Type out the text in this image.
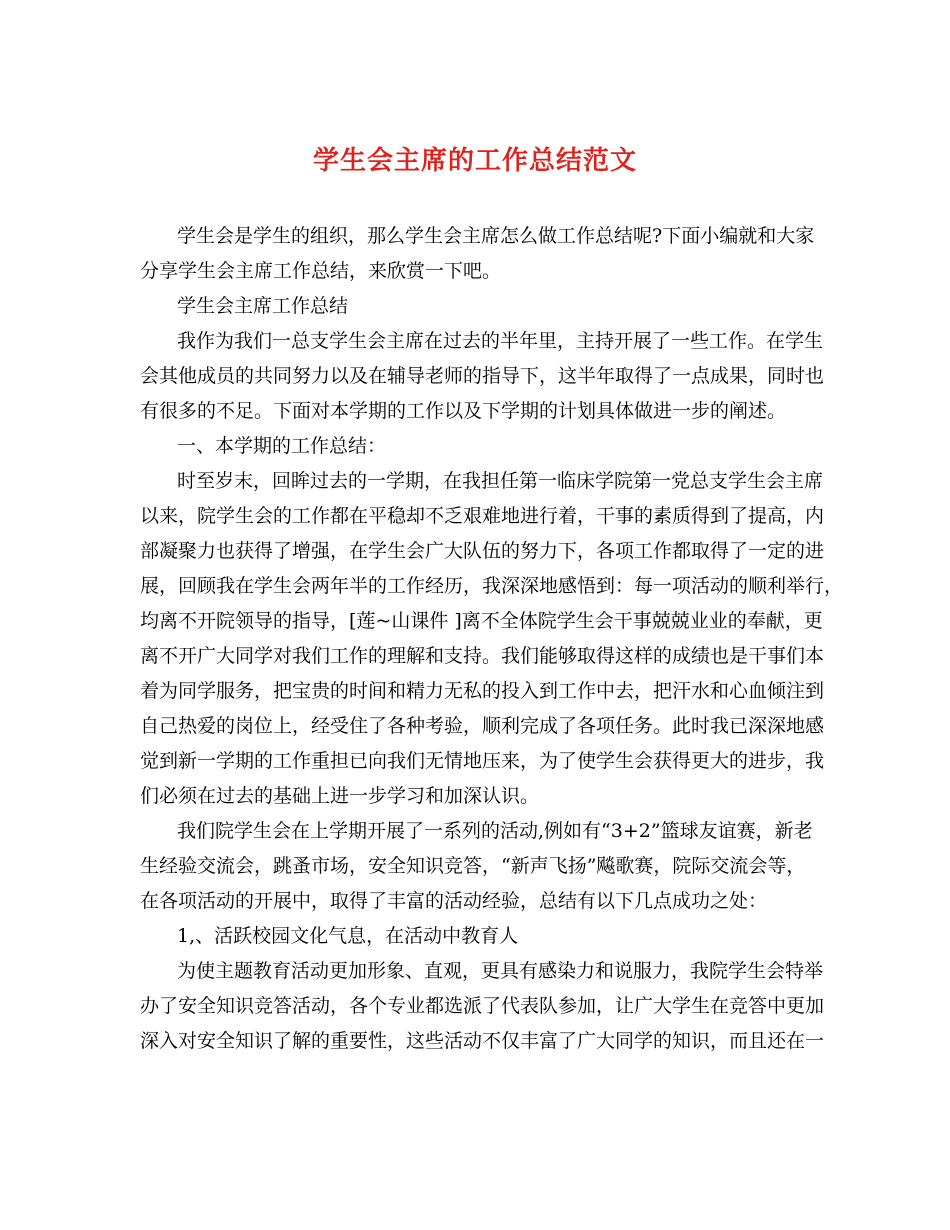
学生会主席的工作总结范文
学生会是学生的组织，那么学生会主席怎么做工作总结呢?下面小编就和大家
分享学生会主席工作总结，来欣赏一下吧。
学生会主席工作总结
我作为我们一总支学生会主席在过去的半年里，主持开展了一些工作。在学生
会其他成员的共同努力以及在辅导老师的指导下，这半年取得了一点成果，同时也
有很多的不足。下面对本学期的工作以及下学期的计划具体做进一步的阐述。
一、本学期的工作总结：
时至岁末，回眸过去的一学期，在我担任第一临床学院第一党总支学生会主席
以来，院学生会的工作都在平稳却不乏艰难地进行着，干事的素质得到了提高，内
部凝聚力也获得了增强，在学生会广大队伍的努力下，各项工作都取得了一定的进
展，回顾我在学生会两年半的工作经历，我深深地感悟到：每一项活动的顺利举行，
均离不开院领导的指导，[莲~山课件 ]离不全体院学生会干事兢兢业业的奉献，更
离不开广大同学对我们工作的理解和支持。我们能够取得这样的成绩也是干事们本
着为同学服务，把宝贵的时间和精力无私的投入到工作中去，把汗水和心血倾注到
自己热爱的岗位上，经受住了各种考验，顺利完成了各项任务。此时我已深深地感
觉到新一学期的工作重担已向我们无情地压来，为了使学生会获得更大的进步，我
们必须在过去的基础上进一步学习和加深认识。
我们院学生会在上学期开展了一系列的活动,例如有“3+2”篮球友谊赛，新老
生经验交流会，跳蚤市场，安全知识竞答，“新声飞扬”飚歌赛，院际交流会等，
在各项活动的开展中，取得了丰富的活动经验，总结有以下几点成功之处：
1,、活跃校园文化气息，在活动中教育人
为使主题教育活动更加形象、直观，更具有感染力和说服力，我院学生会特举
办了安全知识竞答活动，各个专业都选派了代表队参加，让广大学生在竞答中更加
深入对安全知识了解的重要性，这些活动不仅丰富了广大同学的知识，而且还在一
